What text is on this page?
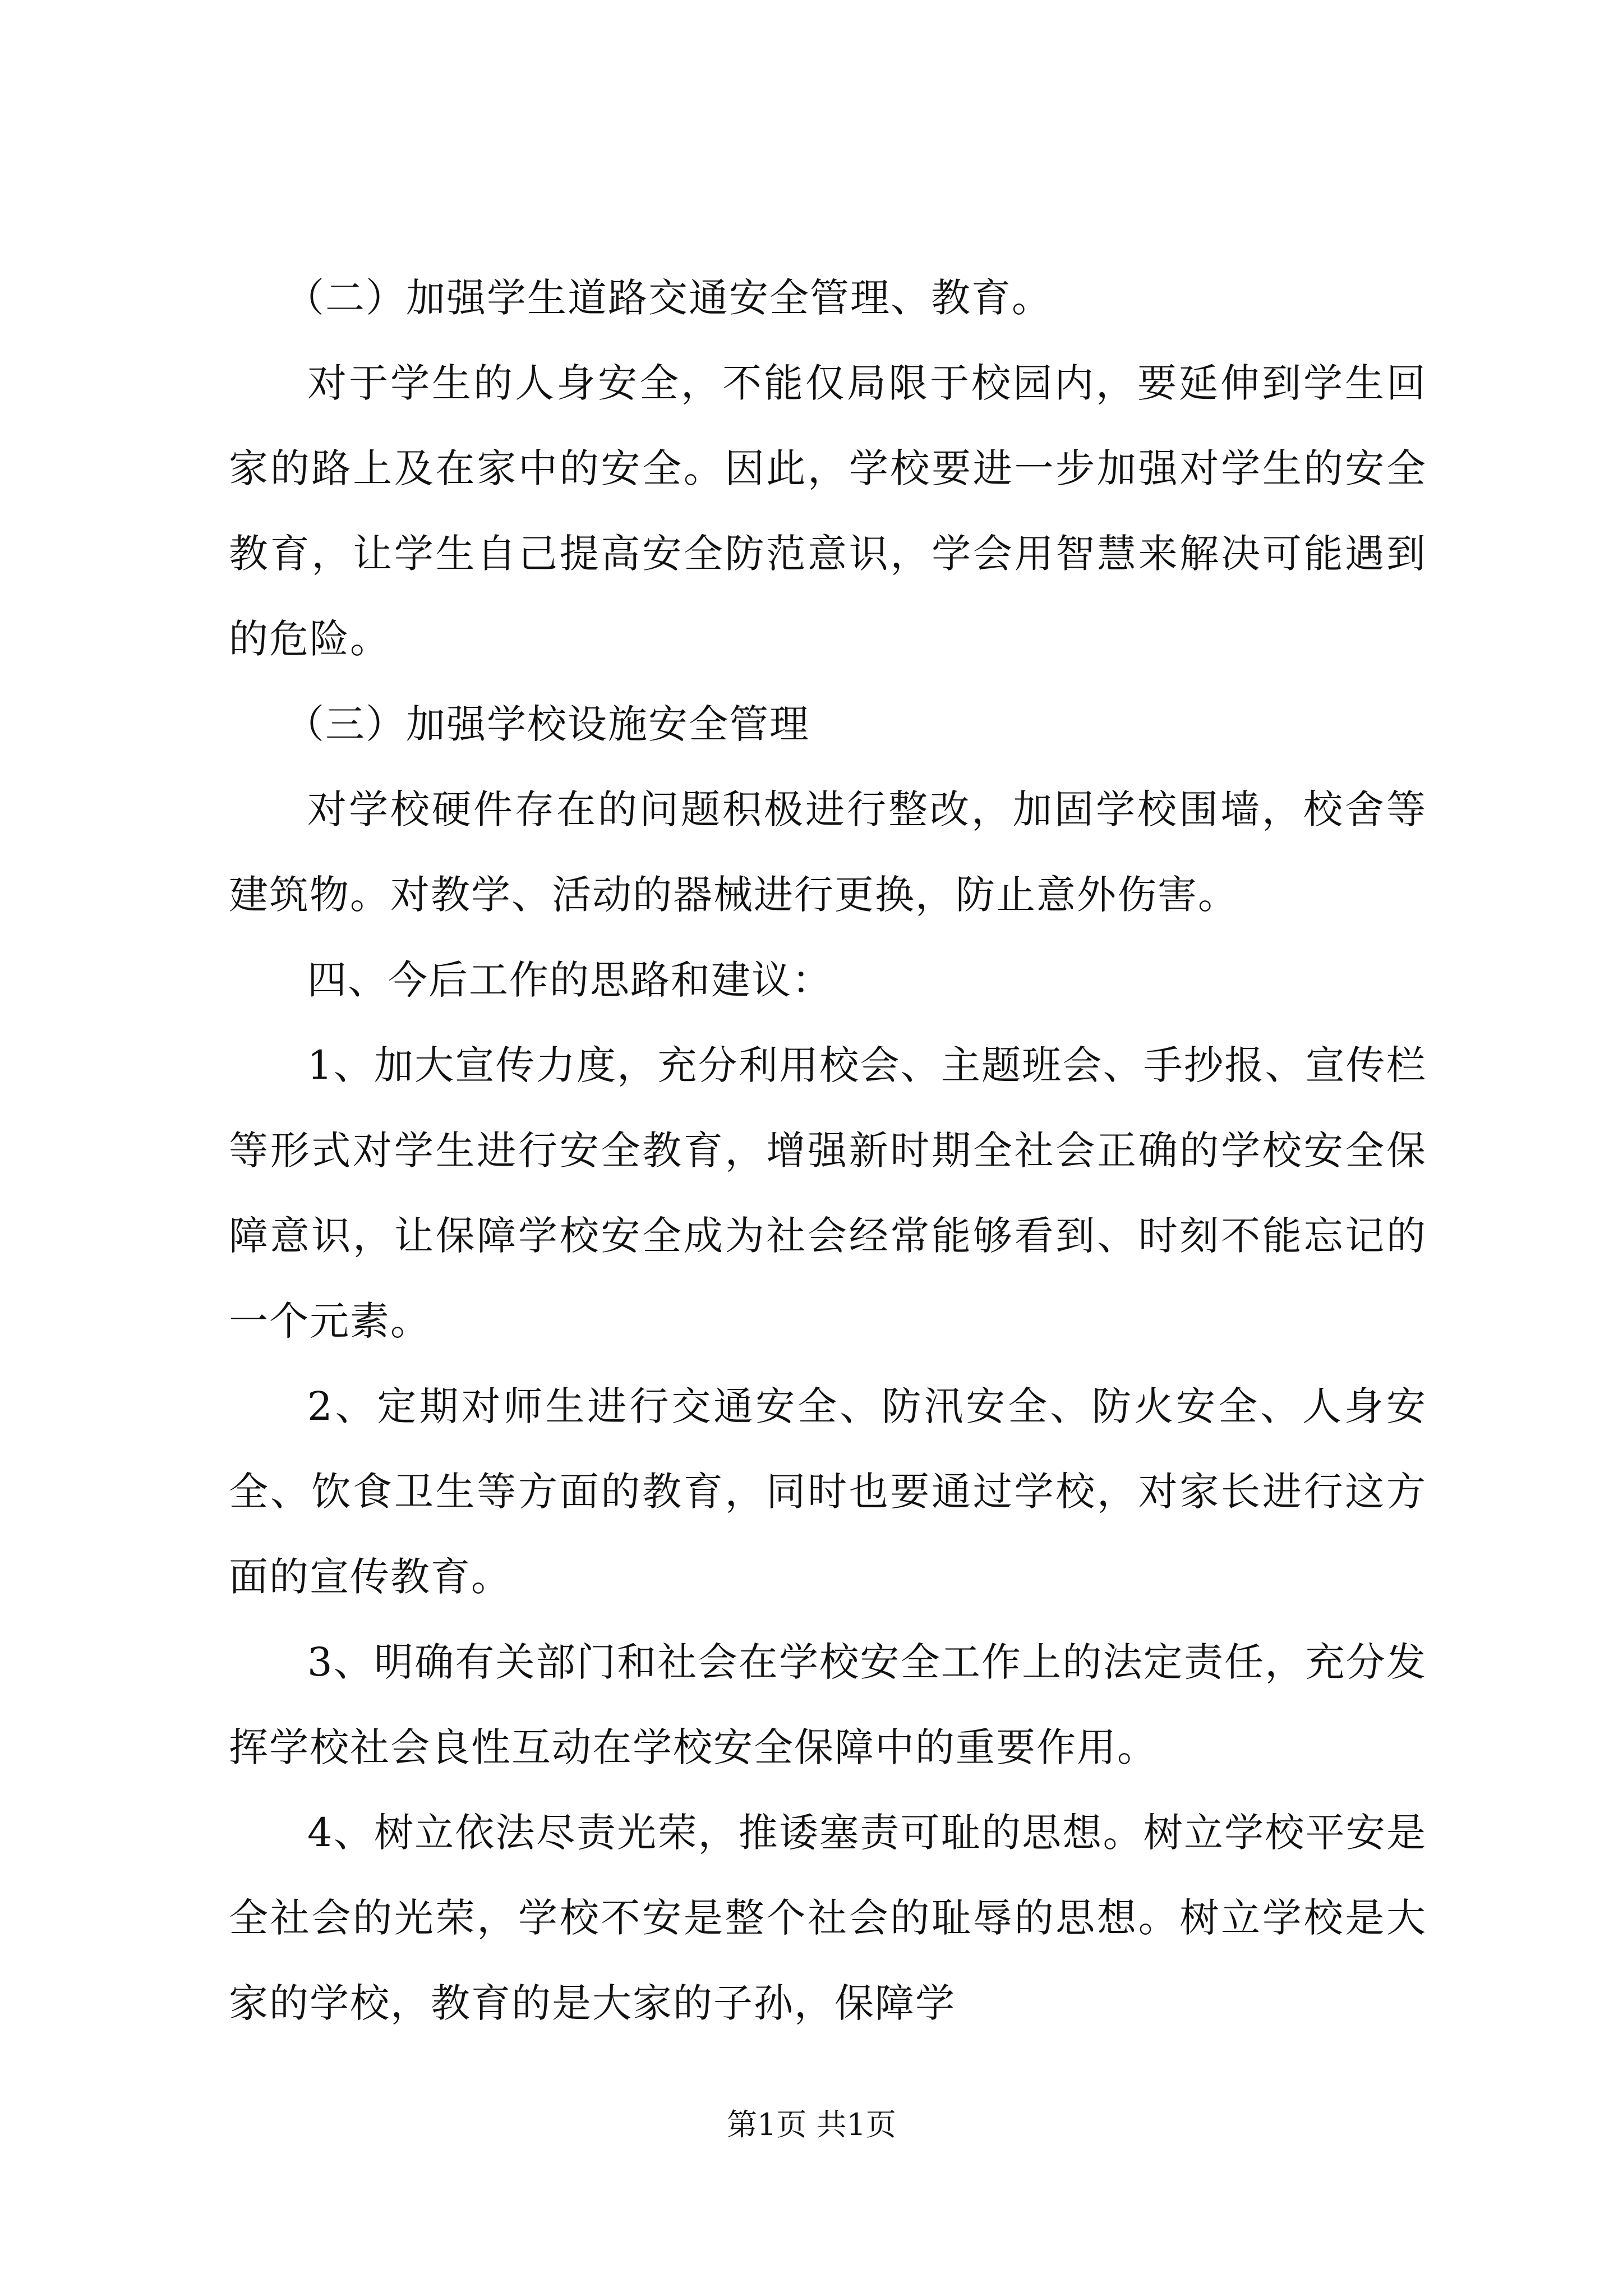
（二）加强学生道路交通安全管理、教育。

对于学生的人身安全，不能仅局限于校园内，要延伸到学生回家的路上及在家中的安全。因此，学校要进一步加强对学生的安全教育，让学生自己提高安全防范意识，学会用智慧来解决可能遇到的危险。

（三）加强学校设施安全管理

对学校硬件存在的问题积极进行整改，加固学校围墙，校舍等建筑物。对教学、活动的器械进行更换，防止意外伤害。

四、今后工作的思路和建议：

1、加大宣传力度，充分利用校会、主题班会、手抄报、宣传栏等形式对学生进行安全教育，增强新时期全社会正确的学校安全保障意识，让保障学校安全成为社会经常能够看到、时刻不能忘记的一个元素。

2、定期对师生进行交通安全、防汛安全、防火安全、人身安全、饮食卫生等方面的教育，同时也要通过学校，对家长进行这方面的宣传教育。

3、明确有关部门和社会在学校安全工作上的法定责任，充分发挥学校社会良性互动在学校安全保障中的重要作用。

4、树立依法尽责光荣，推诿塞责可耻的思想。树立学校平安是全社会的光荣，学校不安是整个社会的耻辱的思想。树立学校是大家的学校，教育的是大家的子孙，保障学

第1页 共1页
